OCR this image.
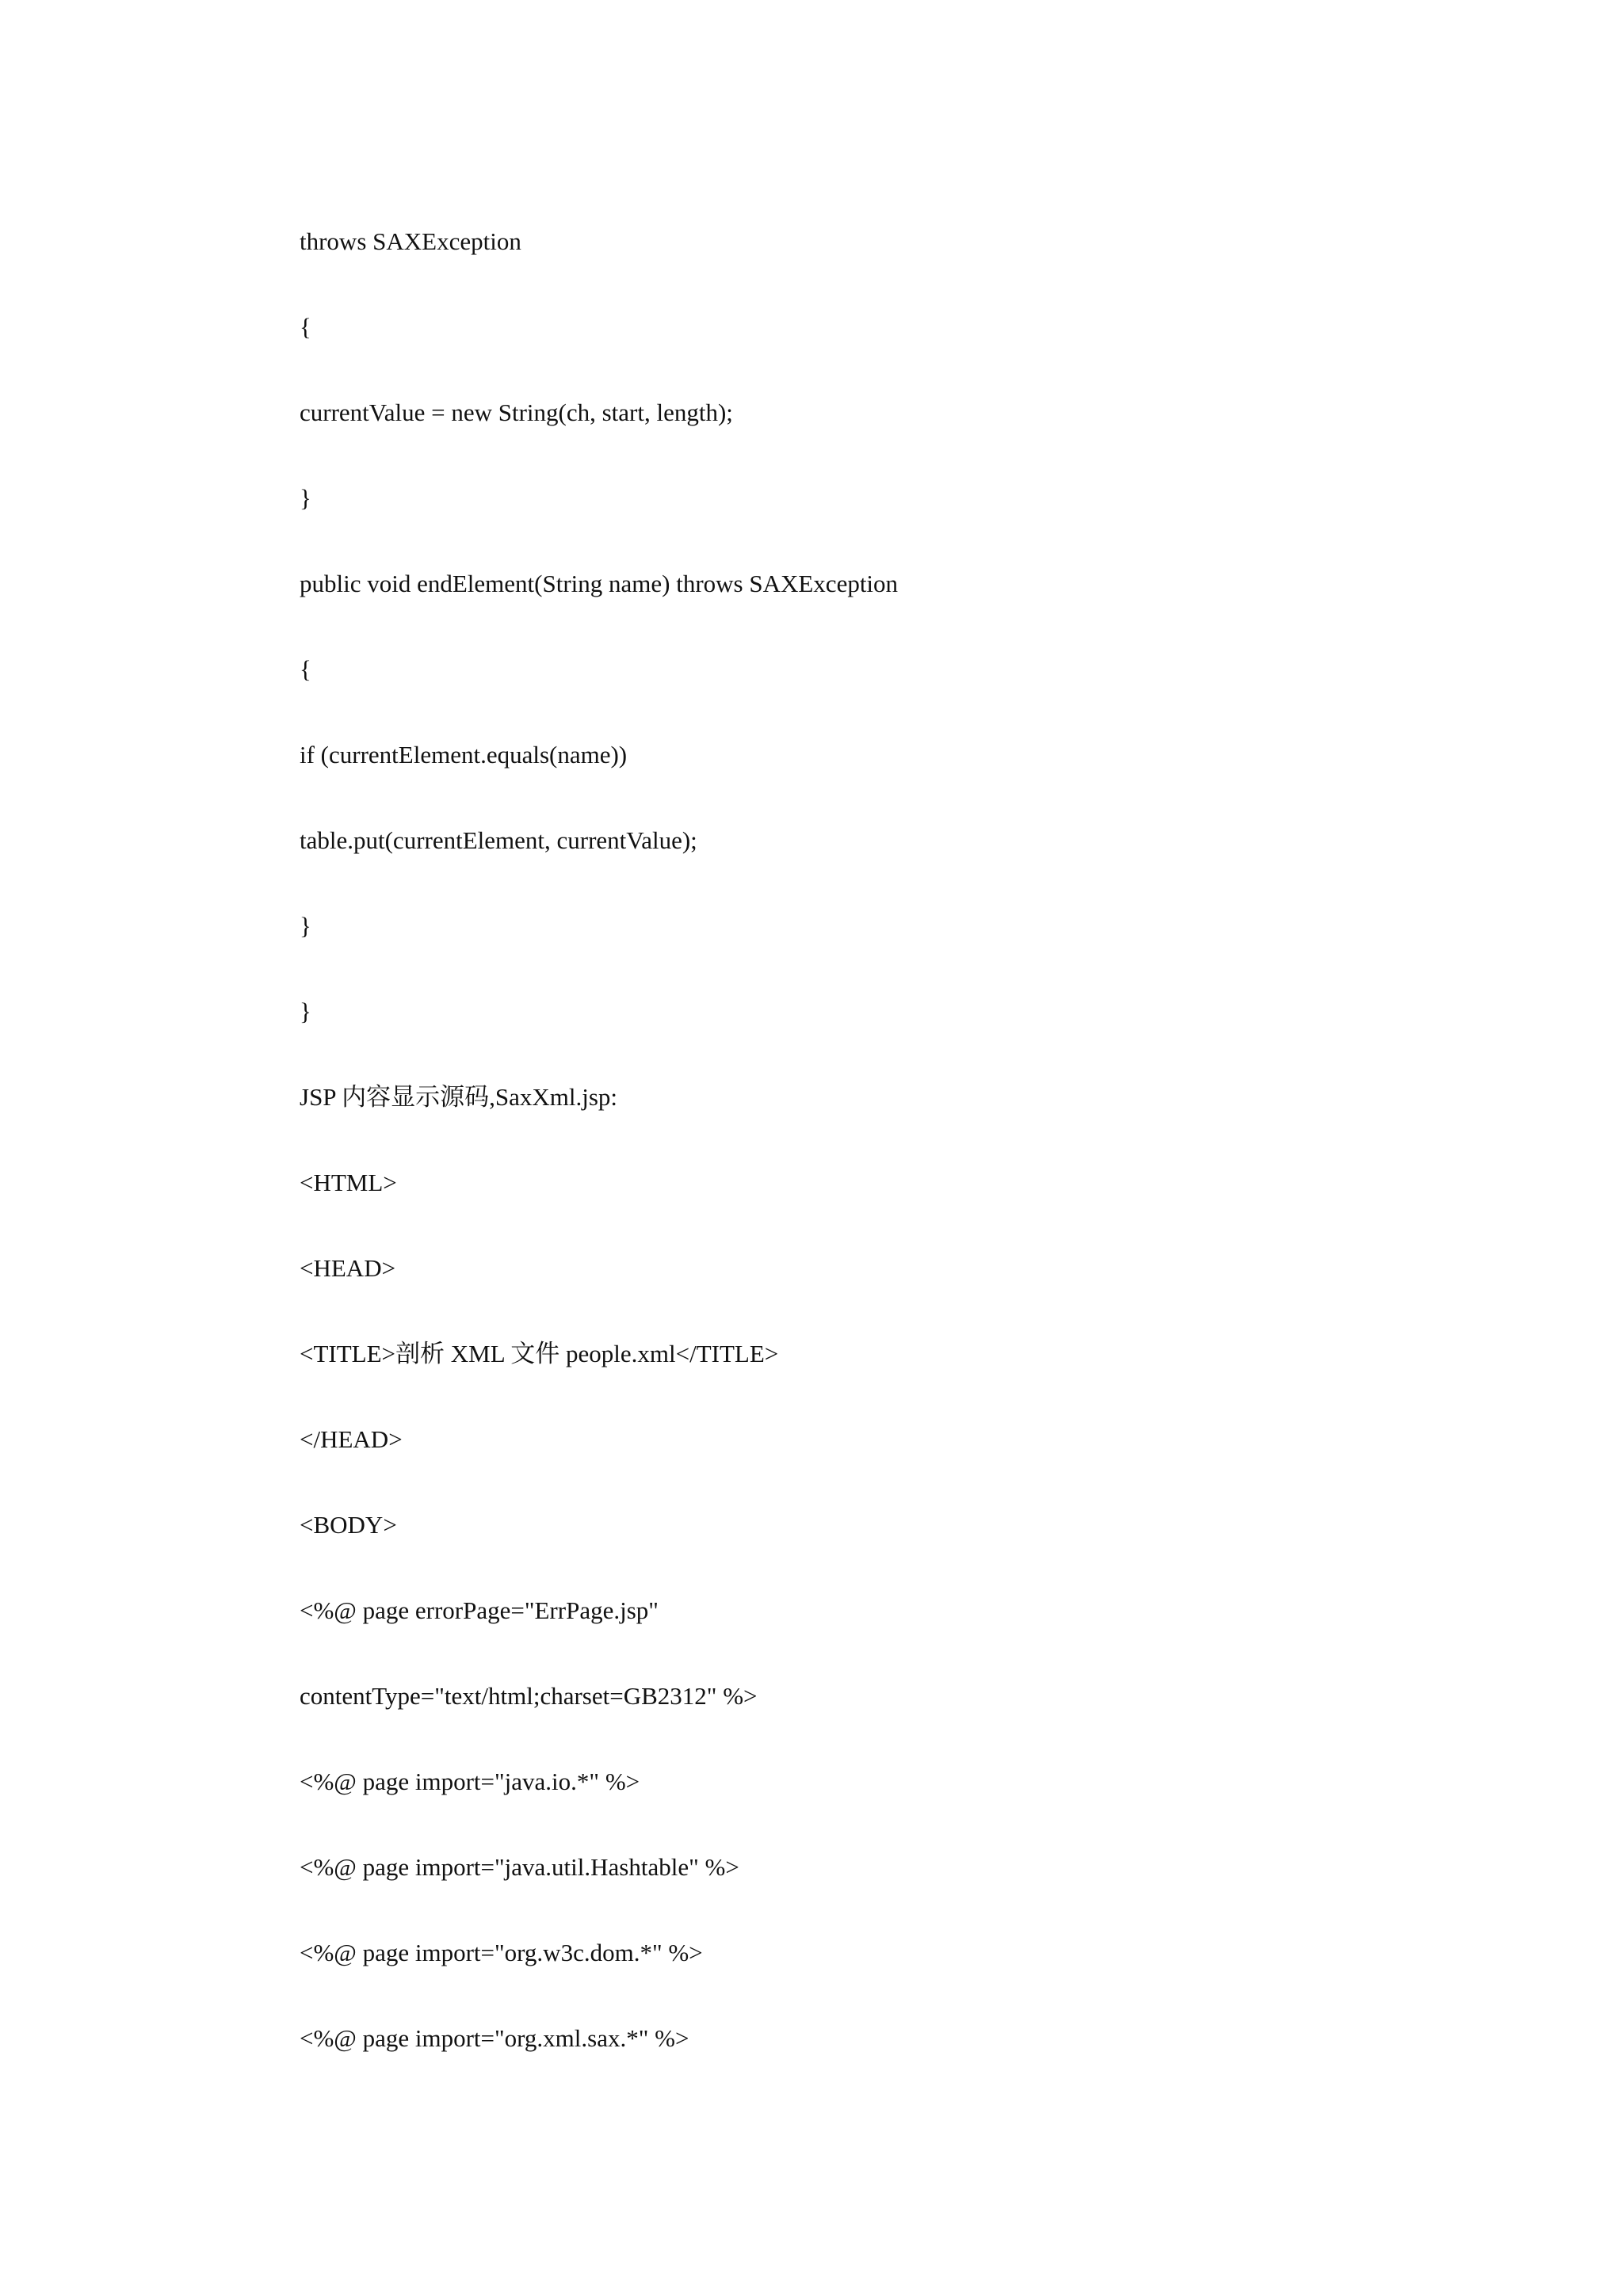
throws SAXException
{
currentValue = new String(ch, start, length);
}
public void endElement(String name) throws SAXException
{
if (currentElement.equals(name))
table.put(currentElement, currentValue);
}
}
JSP 内容显示源码,SaxXml.jsp:
<HTML>
<HEAD>
<TITLE>剖析 XML 文件 people.xml</TITLE>
</HEAD>
<BODY>
<%@ page errorPage="ErrPage.jsp"
contentType="text/html;charset=GB2312" %>
<%@ page import="java.io.*" %>
<%@ page import="java.util.Hashtable" %>
<%@ page import="org.w3c.dom.*" %>
<%@ page import="org.xml.sax.*" %>
